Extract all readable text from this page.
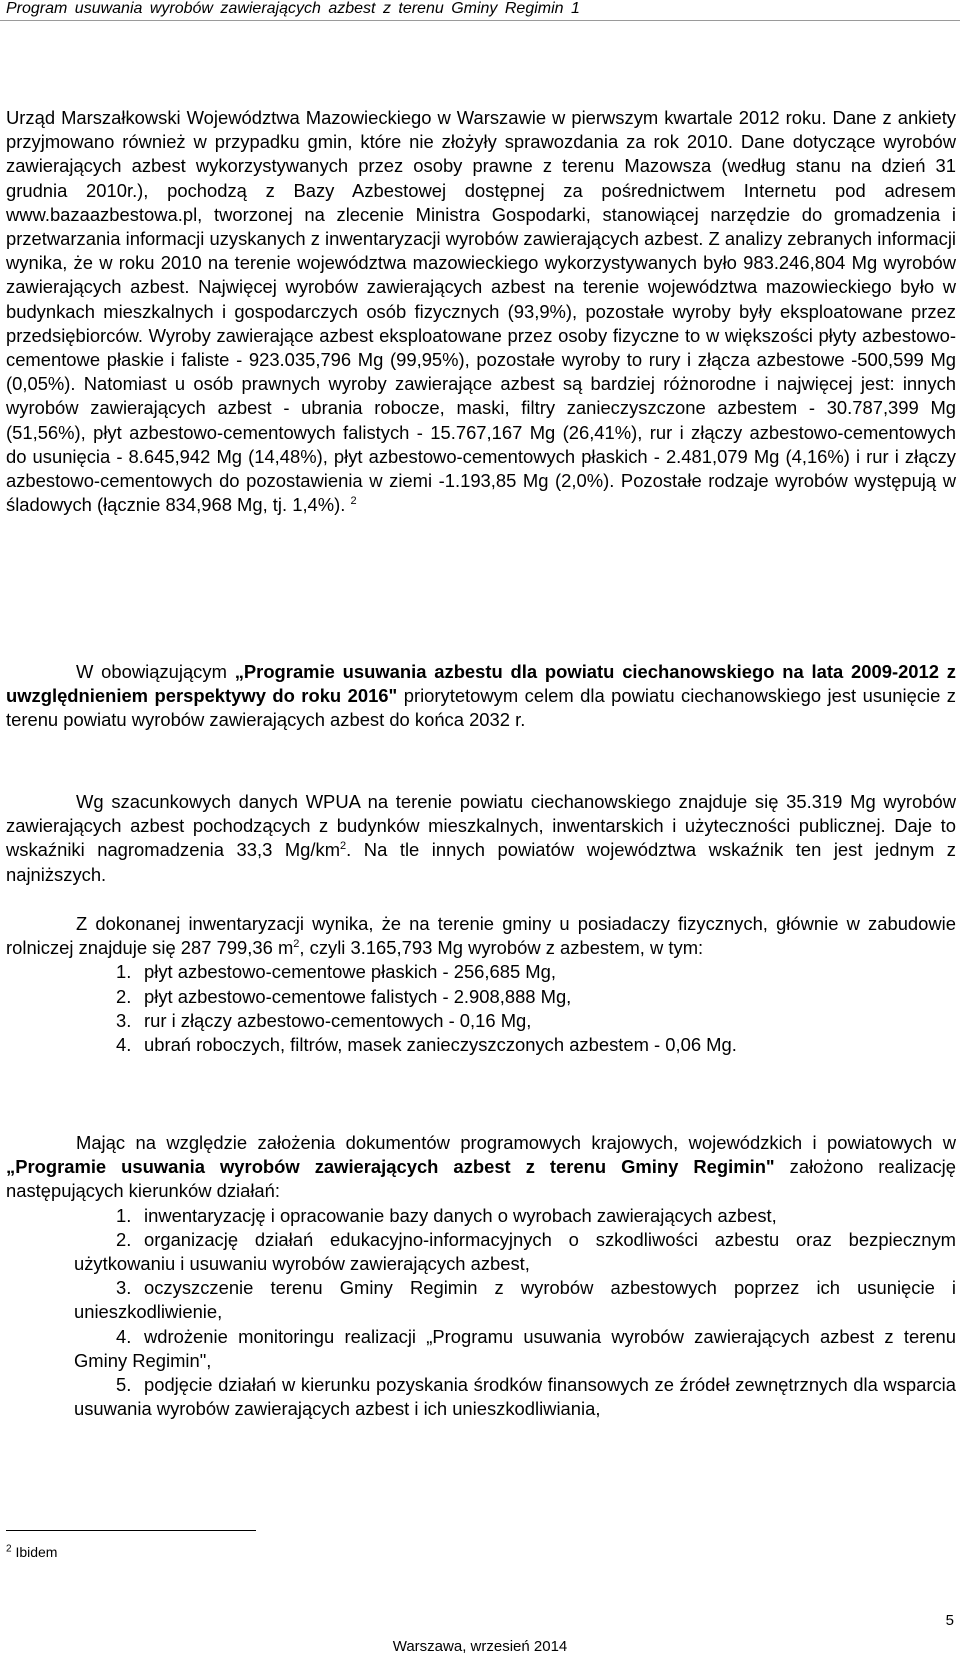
Program usuwania wyrobów zawierających azbest z terenu Gminy Regimin 1
Urząd Marszałkowski Województwa Mazowieckiego w Warszawie w pierwszym kwartale 2012 roku. Dane z ankiety przyjmowano również w przypadku gmin, które nie złożyły sprawozdania za rok 2010. Dane dotyczące wyrobów zawierających azbest wykorzystywanych przez osoby prawne z terenu Mazowsza (według stanu na dzień 31 grudnia 2010r.), pochodzą z Bazy Azbestowej dostępnej za pośrednictwem Internetu pod adresem www.bazaazbestowa.pl, tworzonej na zlecenie Ministra Gospodarki, stanowiącej narzędzie do gromadzenia i przetwarzania informacji uzyskanych z inwentaryzacji wyrobów zawierających azbest. Z analizy zebranych informacji wynika, że w roku 2010 na terenie województwa mazowieckiego wykorzystywanych było 983.246,804 Mg wyrobów zawierających azbest. Najwięcej wyrobów zawierających azbest na terenie województwa mazowieckiego było w budynkach mieszkalnych i gospodarczych osób fizycznych (93,9%), pozostałe wyroby były eksploatowane przez przedsiębiorców. Wyroby zawierające azbest eksploatowane przez osoby fizyczne to w większości płyty azbestowo-cementowe płaskie i faliste - 923.035,796 Mg (99,95%), pozostałe wyroby to rury i złącza azbestowe -500,599 Mg (0,05%). Natomiast u osób prawnych wyroby zawierające azbest są bardziej różnorodne i najwięcej jest: innych wyrobów zawierających azbest - ubrania robocze, maski, filtry zanieczyszczone azbestem - 30.787,399 Mg (51,56%), płyt azbestowo-cementowych falistych - 15.767,167 Mg (26,41%), rur i złączy azbestowo-cementowych do usunięcia - 8.645,942 Mg (14,48%), płyt azbestowo-cementowych płaskich - 2.481,079 Mg (4,16%) i rur i złączy azbestowo-cementowych do pozostawienia w ziemi -1.193,85 Mg (2,0%). Pozostałe rodzaje wyrobów występują w śladowych (łącznie 834,968 Mg, tj. 1,4%). $^2$
W obowiązującym „Programie usuwania azbestu dla powiatu ciechanowskiego na lata 2009-2012 z uwzględnieniem perspektywy do roku 2016" priorytetowym celem dla powiatu ciechanowskiego jest usunięcie z terenu powiatu wyrobów zawierających azbest do końca 2032 r.
Wg szacunkowych danych WPUA na terenie powiatu ciechanowskiego znajduje się 35.319 Mg wyrobów zawierających azbest pochodzących z budynków mieszkalnych, inwentarskich i użyteczności publicznej. Daje to wskaźniki nagromadzenia 33,3 $Mg/km^2$. Na tle innych powiatów województwa wskaźnik ten jest jednym z najniższych.
Z dokonanej inwentaryzacji wynika, że na terenie gminy u posiadaczy fizycznych, głównie w zabudowie rolniczej znajduje się 287 799,36 $m^2$, czyli 3.165,793 Mg wyrobów z azbestem, w tym:
1. płyt azbestowo-cementowe płaskich - 256,685 Mg,
2. płyt azbestowo-cementowe falistych - 2.908,888 Mg,
3. rur i złączy azbestowo-cementowych - 0,16 Mg,
4. ubrań roboczych, filtrów, masek zanieczyszczonych azbestem - 0,06 Mg.
Mając na względzie założenia dokumentów programowych krajowych, wojewódzkich i powiatowych w „Programie usuwania wyrobów zawierających azbest z terenu Gminy Regimin" założono realizację następujących kierunków działań:
1. inwentaryzację i opracowanie bazy danych o wyrobach zawierających azbest,
2. organizację działań edukacyjno-informacyjnych o szkodliwości azbestu oraz bezpiecznym użytkowaniu i usuwaniu wyrobów zawierających azbest,
3. oczyszczenie terenu Gminy Regimin z wyrobów azbestowych poprzez ich usunięcie i unieszkodliwienie,
4. wdrożenie monitoringu realizacji „Programu usuwania wyrobów zawierających azbest z terenu Gminy Regimin",
5. podjęcie działań w kierunku pozyskania środków finansowych ze źródeł zewnętrznych dla wsparcia usuwania wyrobów zawierających azbest i ich unieszkodliwiania,
$^2$ Ibidem
5
Warszawa, wrzesień 2014
